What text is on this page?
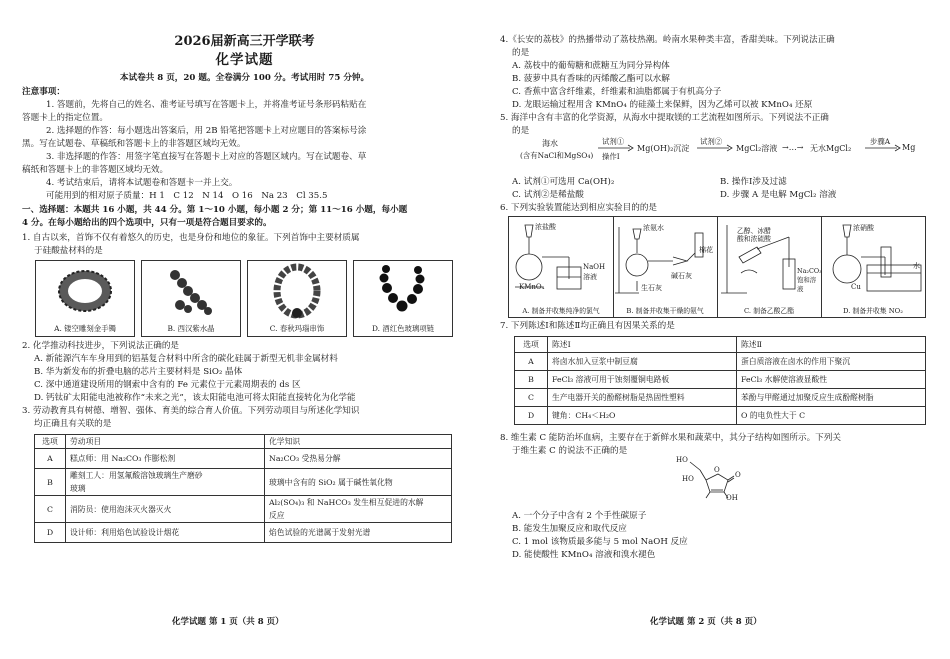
2026届新高三开学联考
化学试题
本试卷共 8 页，20 题。全卷满分 100 分。考试用时 75 分钟。
注意事项：
1. 答题前，先将自己的姓名、准考证号填写在答题卡上，并将准考证号条形码粘贴在
答题卡上的指定位置。
2. 选择题的作答：每小题选出答案后，用 2B 铅笔把答题卡上对应题目的答案标号涂
黑。写在试题卷、草稿纸和答题卡上的非答题区域均无效。
3. 非选择题的作答：用签字笔直接写在答题卡上对应的答题区域内。写在试题卷、草
稿纸和答题卡上的非答题区域均无效。
4. 考试结束后，请将本试题卷和答题卡一并上交。
可能用到的相对原子质量：H 1　C 12　N 14　O 16　Na 23　Cl 35.5
一、选择题：本题共 16 小题，共 44 分。第 1～10 小题，每小题 2 分；第 11～16 小题，每小题
4 分。在每小题给出的四个选项中，只有一项是符合题目要求的。
1. 自古以来，首饰不仅有着悠久的历史，也是身份和地位的象征。下列首饰中主要材质属
于硅酸盐材料的是
A. 镂空雕刻金手镯	B. 西汉紫水晶	C. 春秋玛瑙串饰	D. 酒红色玻璃项链
2. 化学推动科技进步，下列说法正确的是
A. 新能源汽车车身用到的铝基复合材料中所含的碳化硅属于新型无机非金属材料
B. 华为新发布的折叠电脑的芯片主要材料是 SiO₂ 晶体
C. 深中通道建设所用的钢索中含有的 Fe 元素位于元素周期表的 ds 区
D. 钙钛矿太阳能电池被称作“未来之光”，该太阳能电池可将太阳能直接转化为化学能
3. 劳动教育具有树德、增智、强体、育美的综合育人价值。下列劳动项目与所述化学知识
均正确且有关联的是
选项	劳动项目	化学知识
A	糕点师：用 Na₂CO₃ 作膨松剂	Na₂CO₃ 受热易分解
B	雕刻工人：用氢氟酸溶蚀玻璃生产磨砂	玻璃中含有的 SiO₂ 属于碱性氧化物
	玻璃	
C	消防员：使用泡沫灭火器灭火	Al₂(SO₄)₃ 和 NaHCO₃ 发生相互促进的水解
		反应
D	设计师：利用焰色试验设计烟花	焰色试验的光谱属于发射光谱
化学试题 第 1 页（共 8 页）
4.《长安的荔枝》的热播带动了荔枝热潮。岭南水果种类丰富，香甜美味。下列说法正确
的是
A. 荔枝中的葡萄糖和蔗糖互为同分异构体
B. 菠萝中具有香味的丙烯酸乙酯可以水解
C. 香蕉中富含纤维素，纤维素和油脂都属于有机高分子
D. 龙眼运输过程用含 KMnO₄ 的硅藻土来保鲜，因为乙烯可以被 KMnO₄ 还原
5. 海洋中含有丰富的化学资源，从海水中提取镁的工艺流程如图所示。下列说法不正确
的是
海水
(含有NaCl和MgSO₄)
试剂①
操作Ⅰ
Mg(OH)₂沉淀
试剂②
MgCl₂溶液 →…→ 无水MgCl₂
步骤A
Mg
A. 试剂①可选用 Ca(OH)₂	B. 操作Ⅰ涉及过滤
C. 试剂②是稀盐酸	D. 步骤 A 是电解 MgCl₂ 溶液
6. 下列实验装置能达到相应实验目的的是
浓盐酸
KMnO₄
NaOH
溶液
A. 制备并收集纯净的氯气
浓氨水
生石灰
棉花
碱石灰
B. 制备并收集干燥的氨气
乙醇、冰醋
酸和浓硫酸
Na₂CO₃
饱和溶液
C. 制备乙酸乙酯
浓硝酸
Cu
水
D. 制备并收集 NO₂
7. 下列陈述Ⅰ和陈述Ⅱ均正确且有因果关系的是
选项	陈述Ⅰ	陈述Ⅱ
A	将卤水加入豆浆中制豆腐	蛋白质溶液在卤水的作用下聚沉
B	FeCl₃ 溶液可用于蚀刻覆铜电路板	FeCl₃ 水解使溶液显酸性
C	生产电器开关的酚醛树脂是热固性塑料	苯酚与甲醛通过加聚反应生成酚醛树脂
D	键角：CH₄＜H₂O	O 的电负性大于 C
8. 维生素 C 能防治坏血病，主要存在于新鲜水果和蔬菜中，其分子结构如图所示。下列关
于维生素 C 的说法不正确的是
HO
HO
O
O
OH
A. 一个分子中含有 2 个手性碳原子
B. 能发生加聚反应和取代反应
C. 1 mol 该物质最多能与 5 mol NaOH 反应
D. 能使酸性 KMnO₄ 溶液和溴水褪色
化学试题 第 2 页（共 8 页）
